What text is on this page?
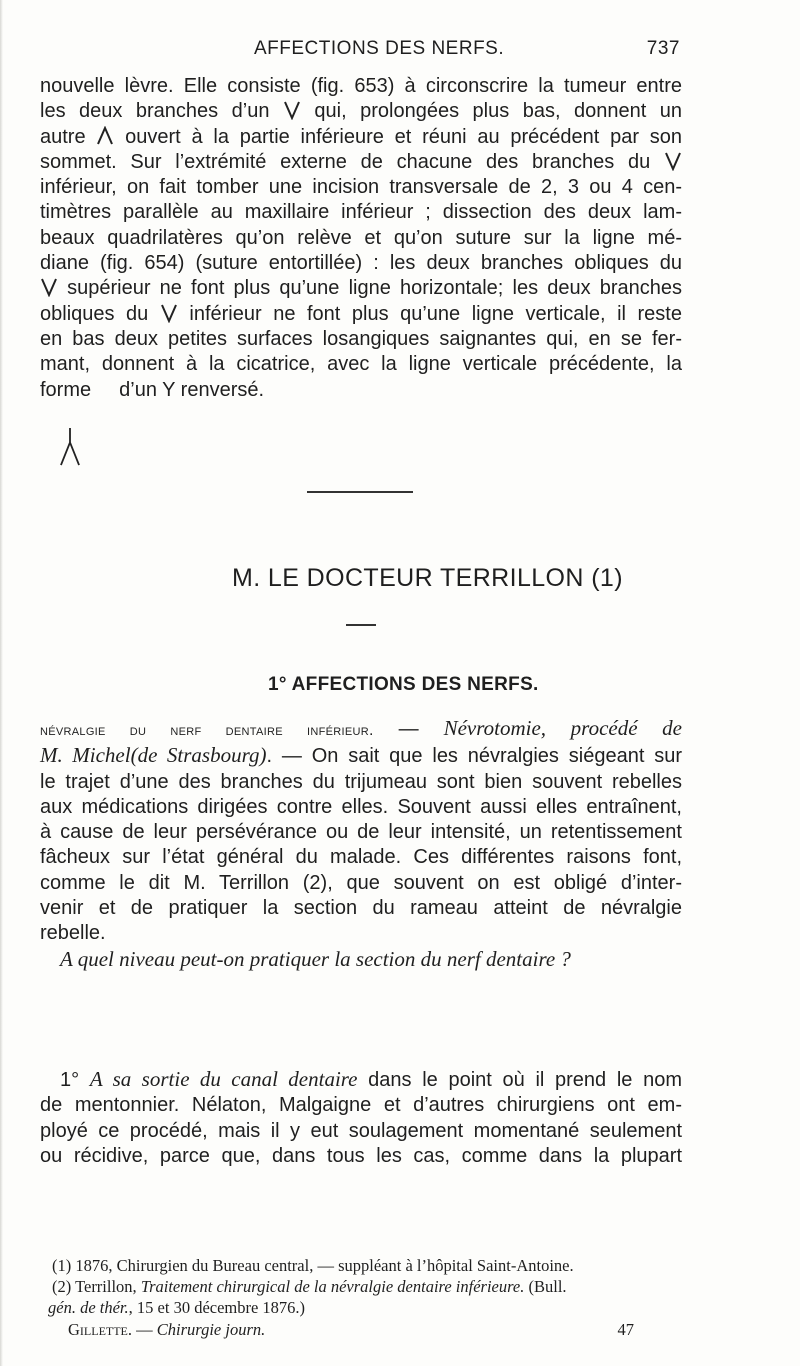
AFFECTIONS DES NERFS.	737
nouvelle lèvre. Elle consiste (fig. 653) à circonscrire la tumeur entre
les deux branches d’un qui, prolongées plus bas, donnent un
autre ouvert à la partie inférieure et réuni au précédent par son
sommet. Sur l’extrémité externe de chacune des branches du
inférieur, on fait tomber une incision transversale de 2, 3 ou 4 cen-
timètres parallèle au maxillaire inférieur ; dissection des deux lam-
beaux quadrilatères qu’on relève et qu’on suture sur la ligne mé-
diane (fig. 654) (suture entortillée) : les deux branches obliques du
supérieur ne font plus qu’une ligne horizontale; les deux branches
obliques du inférieur ne font plus qu’une ligne verticale, il reste
en bas deux petites surfaces losangiques saignantes qui, en se fer-
mant, donnent à la cicatrice, avec la ligne verticale précédente, la
forme d’un Y renversé.
M. LE DOCTEUR TERRILLON (1)
1° AFFECTIONS DES NERFS.
névralgie du nerf dentaire inférieur. — Névrotomie, procédé de
M. Michel(de Strasbourg). — On sait que les névralgies siégeant sur
le trajet d’une des branches du trijumeau sont bien souvent rebelles
aux médications dirigées contre elles. Souvent aussi elles entraînent,
à cause de leur persévérance ou de leur intensité, un retentissement
fâcheux sur l’état général du malade. Ces différentes raisons font,
comme le dit M. Terrillon (2), que souvent on est obligé d’inter-
venir et de pratiquer la section du rameau atteint de névralgie
rebelle.
A quel niveau peut-on pratiquer la section du nerf dentaire ?
1° A sa sortie du canal dentaire dans le point où il prend le nom
de mentonnier. Nélaton, Malgaigne et d’autres chirurgiens ont em-
ployé ce procédé, mais il y eut soulagement momentané seulement
ou récidive, parce que, dans tous les cas, comme dans la plupart
(1) 1876, Chirurgien du Bureau central, — suppléant à l’hôpital Saint-Antoine.
(2) Terrillon, Traitement chirurgical de la névralgie dentaire inférieure. (Bull.
gén. de thér., 15 et 30 décembre 1876.)
Gillette. — Chirurgie journ.	47
